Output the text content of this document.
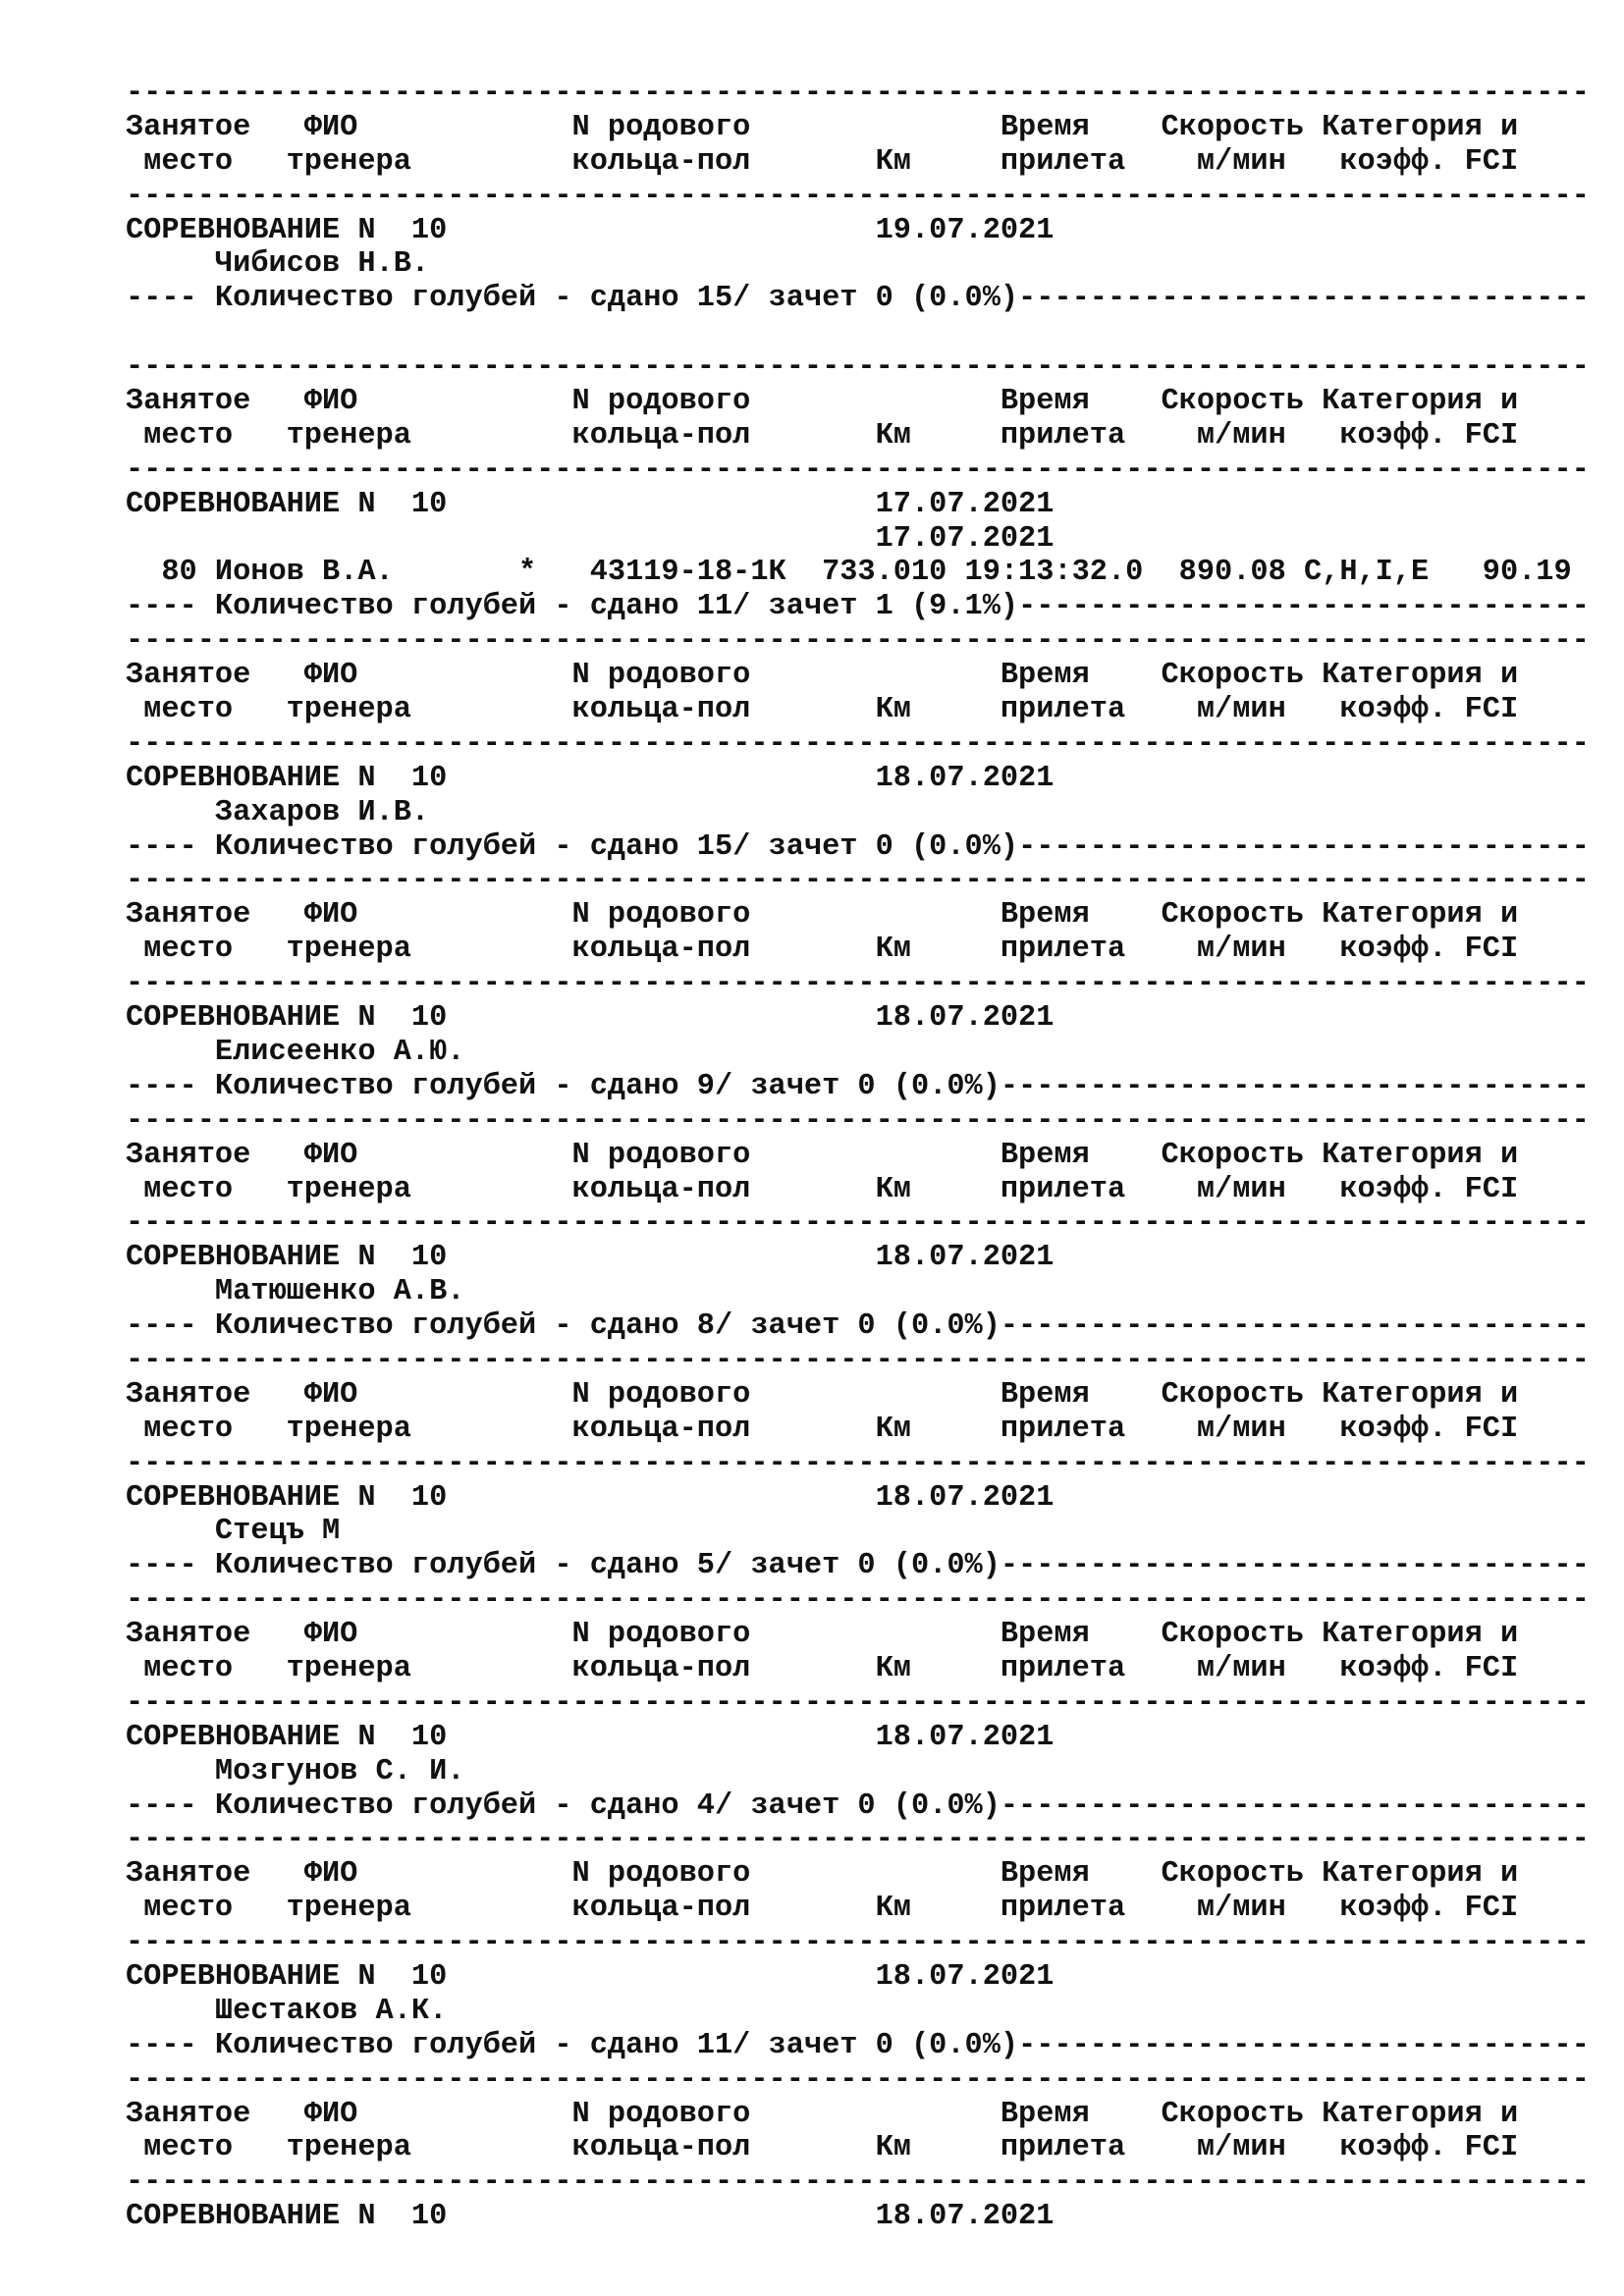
----------------------------------------------------------------------------------
Занятое   ФИО            N родового              Время    Скорость Категория и
место   тренера         кольца-пол       Км     прилета    м/мин   коэфф. FCI
----------------------------------------------------------------------------------
СОРЕВНОВАНИЕ N  10                        19.07.2021
Чибисов Н.В.
---- Количество голубей - сдано 15/ зачет 0 (0.0%)--------------------------------
----------------------------------------------------------------------------------
Занятое   ФИО            N родового              Время    Скорость Категория и
место   тренера         кольца-пол       Км     прилета    м/мин   коэфф. FCI
----------------------------------------------------------------------------------
СОРЕВНОВАНИЕ N  10                        17.07.2021
17.07.2021
80 Ионов В.А.       *   43119-18-1К  733.010 19:13:32.0  890.08 C,H,I,E   90.19
---- Количество голубей - сдано 11/ зачет 1 (9.1%)--------------------------------
----------------------------------------------------------------------------------
Занятое   ФИО            N родового              Время    Скорость Категория и
место   тренера         кольца-пол       Км     прилета    м/мин   коэфф. FCI
----------------------------------------------------------------------------------
СОРЕВНОВАНИЕ N  10                        18.07.2021
Захаров И.В.
---- Количество голубей - сдано 15/ зачет 0 (0.0%)--------------------------------
----------------------------------------------------------------------------------
Занятое   ФИО            N родового              Время    Скорость Категория и
место   тренера         кольца-пол       Км     прилета    м/мин   коэфф. FCI
----------------------------------------------------------------------------------
СОРЕВНОВАНИЕ N  10                        18.07.2021
Елисеенко А.Ю.
---- Количество голубей - сдано 9/ зачет 0 (0.0%)---------------------------------
----------------------------------------------------------------------------------
Занятое   ФИО            N родового              Время    Скорость Категория и
место   тренера         кольца-пол       Км     прилета    м/мин   коэфф. FCI
----------------------------------------------------------------------------------
СОРЕВНОВАНИЕ N  10                        18.07.2021
Матюшенко А.В.
---- Количество голубей - сдано 8/ зачет 0 (0.0%)---------------------------------
----------------------------------------------------------------------------------
Занятое   ФИО            N родового              Время    Скорость Категория и
место   тренера         кольца-пол       Км     прилета    м/мин   коэфф. FCI
----------------------------------------------------------------------------------
СОРЕВНОВАНИЕ N  10                        18.07.2021
Стецъ М
---- Количество голубей - сдано 5/ зачет 0 (0.0%)---------------------------------
----------------------------------------------------------------------------------
Занятое   ФИО            N родового              Время    Скорость Категория и
место   тренера         кольца-пол       Км     прилета    м/мин   коэфф. FCI
----------------------------------------------------------------------------------
СОРЕВНОВАНИЕ N  10                        18.07.2021
Мозгунов С. И.
---- Количество голубей - сдано 4/ зачет 0 (0.0%)---------------------------------
----------------------------------------------------------------------------------
Занятое   ФИО            N родового              Время    Скорость Категория и
место   тренера         кольца-пол       Км     прилета    м/мин   коэфф. FCI
----------------------------------------------------------------------------------
СОРЕВНОВАНИЕ N  10                        18.07.2021
Шестаков А.К.
---- Количество голубей - сдано 11/ зачет 0 (0.0%)--------------------------------
----------------------------------------------------------------------------------
Занятое   ФИО            N родового              Время    Скорость Категория и
место   тренера         кольца-пол       Км     прилета    м/мин   коэфф. FCI
----------------------------------------------------------------------------------
СОРЕВНОВАНИЕ N  10                        18.07.2021
